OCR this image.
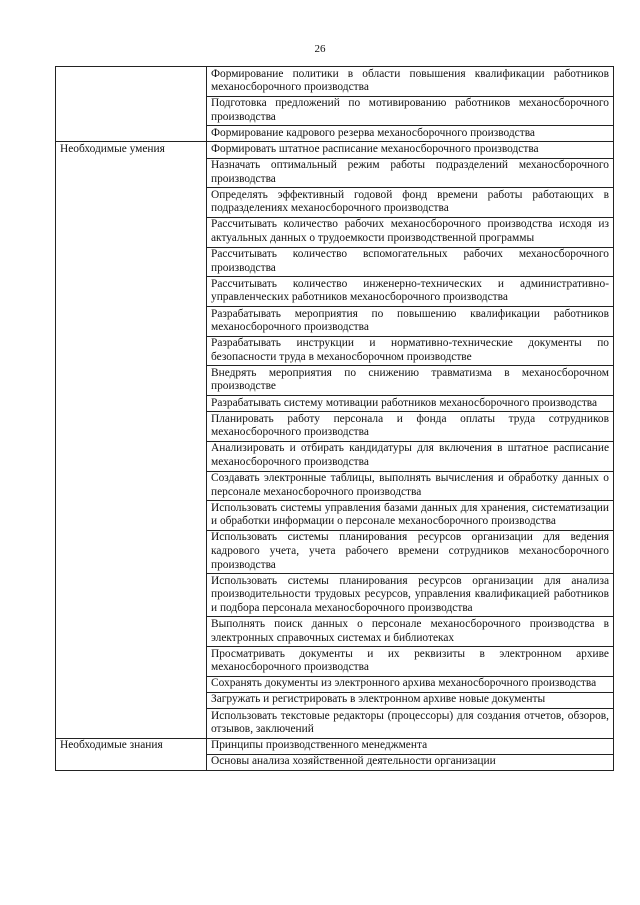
26
	Формирование политики в области повышения квалификации работников механосборочного производства
	Подготовка предложений по мотивированию работников механосборочного производства
	Формирование кадрового резерва механосборочного производства
Необходимые умения	Формировать штатное расписание механосборочного производства
	Назначать оптимальный режим работы подразделений механосборочного производства
	Определять эффективный годовой фонд времени работы работающих в подразделениях механосборочного производства
	Рассчитывать количество рабочих механосборочного производства исходя из актуальных данных о трудоемкости производственной программы
	Рассчитывать количество вспомогательных рабочих механосборочного производства
	Рассчитывать количество инженерно-технических и административно-управленческих работников механосборочного производства
	Разрабатывать мероприятия по повышению квалификации работников механосборочного производства
	Разрабатывать инструкции и нормативно-технические документы по безопасности труда в механосборочном производстве
	Внедрять мероприятия по снижению травматизма в механосборочном производстве
	Разрабатывать систему мотивации работников механосборочного производства
	Планировать работу персонала и фонда оплаты труда сотрудников механосборочного производства
	Анализировать и отбирать кандидатуры для включения в штатное расписание механосборочного производства
	Создавать электронные таблицы, выполнять вычисления и обработку данных о персонале механосборочного производства
	Использовать системы управления базами данных для хранения, систематизации и обработки информации о персонале механосборочного производства
	Использовать системы планирования ресурсов организации для ведения кадрового учета, учета рабочего времени сотрудников механосборочного производства
	Использовать системы планирования ресурсов организации для анализа производительности трудовых ресурсов, управления квалификацией работников и подбора персонала механосборочного производства
	Выполнять поиск данных о персонале механосборочного производства в электронных справочных системах и библиотеках
	Просматривать документы и их реквизиты в электронном архиве механосборочного производства
	Сохранять документы из электронного архива механосборочного производства
	Загружать и регистрировать в электронном архиве новые документы
	Использовать текстовые редакторы (процессоры) для создания отчетов, обзоров, отзывов, заключений
Необходимые знания	Принципы производственного менеджмента
	Основы анализа хозяйственной деятельности организации
